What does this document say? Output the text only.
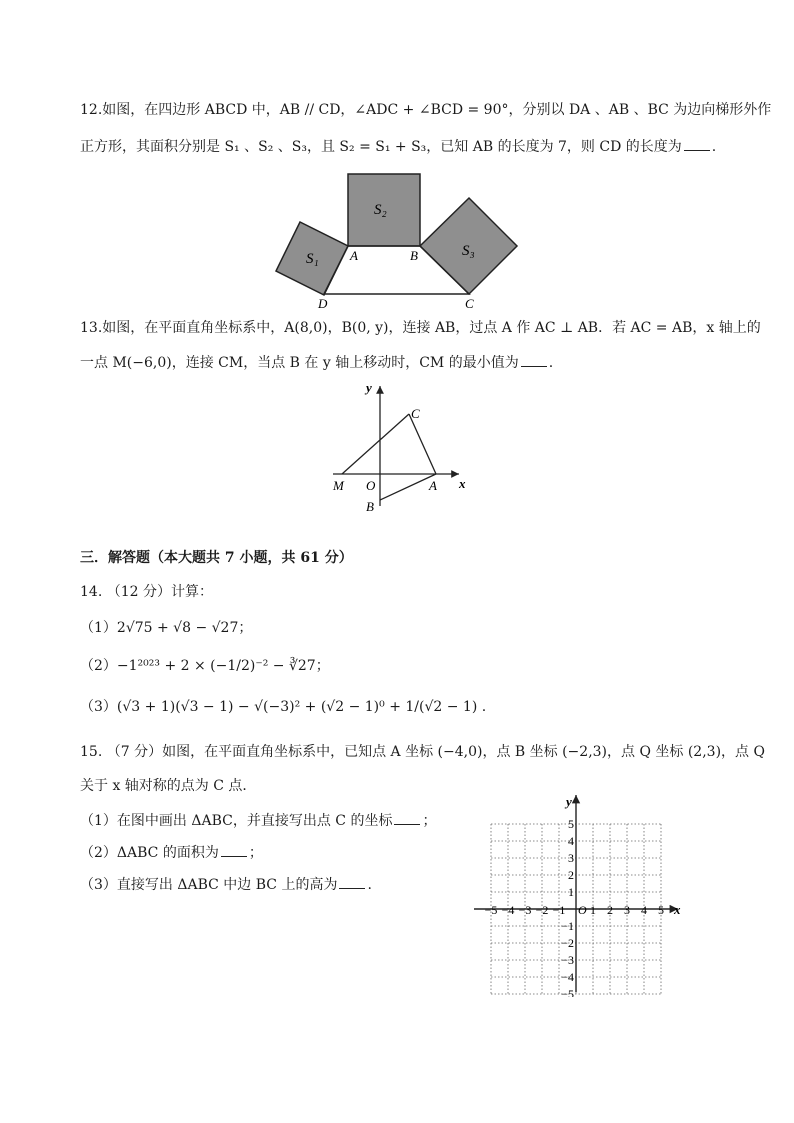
12.如图，在四边形 ABCD 中，AB // CD，∠ADC + ∠BCD = 90°，分别以 DA 、AB 、BC 为边向梯形外作
正方形，其面积分别是 S₁ 、S₂ 、S₃，且 S₂ = S₁ + S₃，已知 AB 的长度为 7，则 CD 的长度为 .
S₂
S₁	S₃
A	B
D	C
13.如图，在平面直角坐标系中，A(8,0)，B(0, y)，连接 AB，过点 A 作 AC ⊥ AB．若 AC = AB，x 轴上的
一点 M(−6,0)，连接 CM，当点 B 在 y 轴上移动时，CM 的最小值为 .
y
x
C
M O	A
B
三．解答题（本大题共 7 小题，共 61 分）
14. （12 分）计算：
（1）2√75 + √8 − √27；
（2）−1²⁰²³ + 2 × (−1/2)⁻² − ∛27；
（3）(√3 + 1)(√3 − 1) − √(−3)² + (√2 − 1)⁰ + 1/(√2 − 1) .
15. （7 分）如图，在平面直角坐标系中，已知点 A 坐标 (−4,0)，点 B 坐标 (−2,3)，点 Q 坐标 (2,3)，点 Q
关于 x 轴对称的点为 C 点．
（1）在图中画出 ΔABC，并直接写出点 C 的坐标 ；
（2）ΔABC 的面积为 ；
（3）直接写出 ΔABC 中边 BC 上的高为 .
−5 −4 −3 −2 −1 1 2 3 4 5
5
4
3
2
1
−1
−2
−3
−4
−5
x
y
O
